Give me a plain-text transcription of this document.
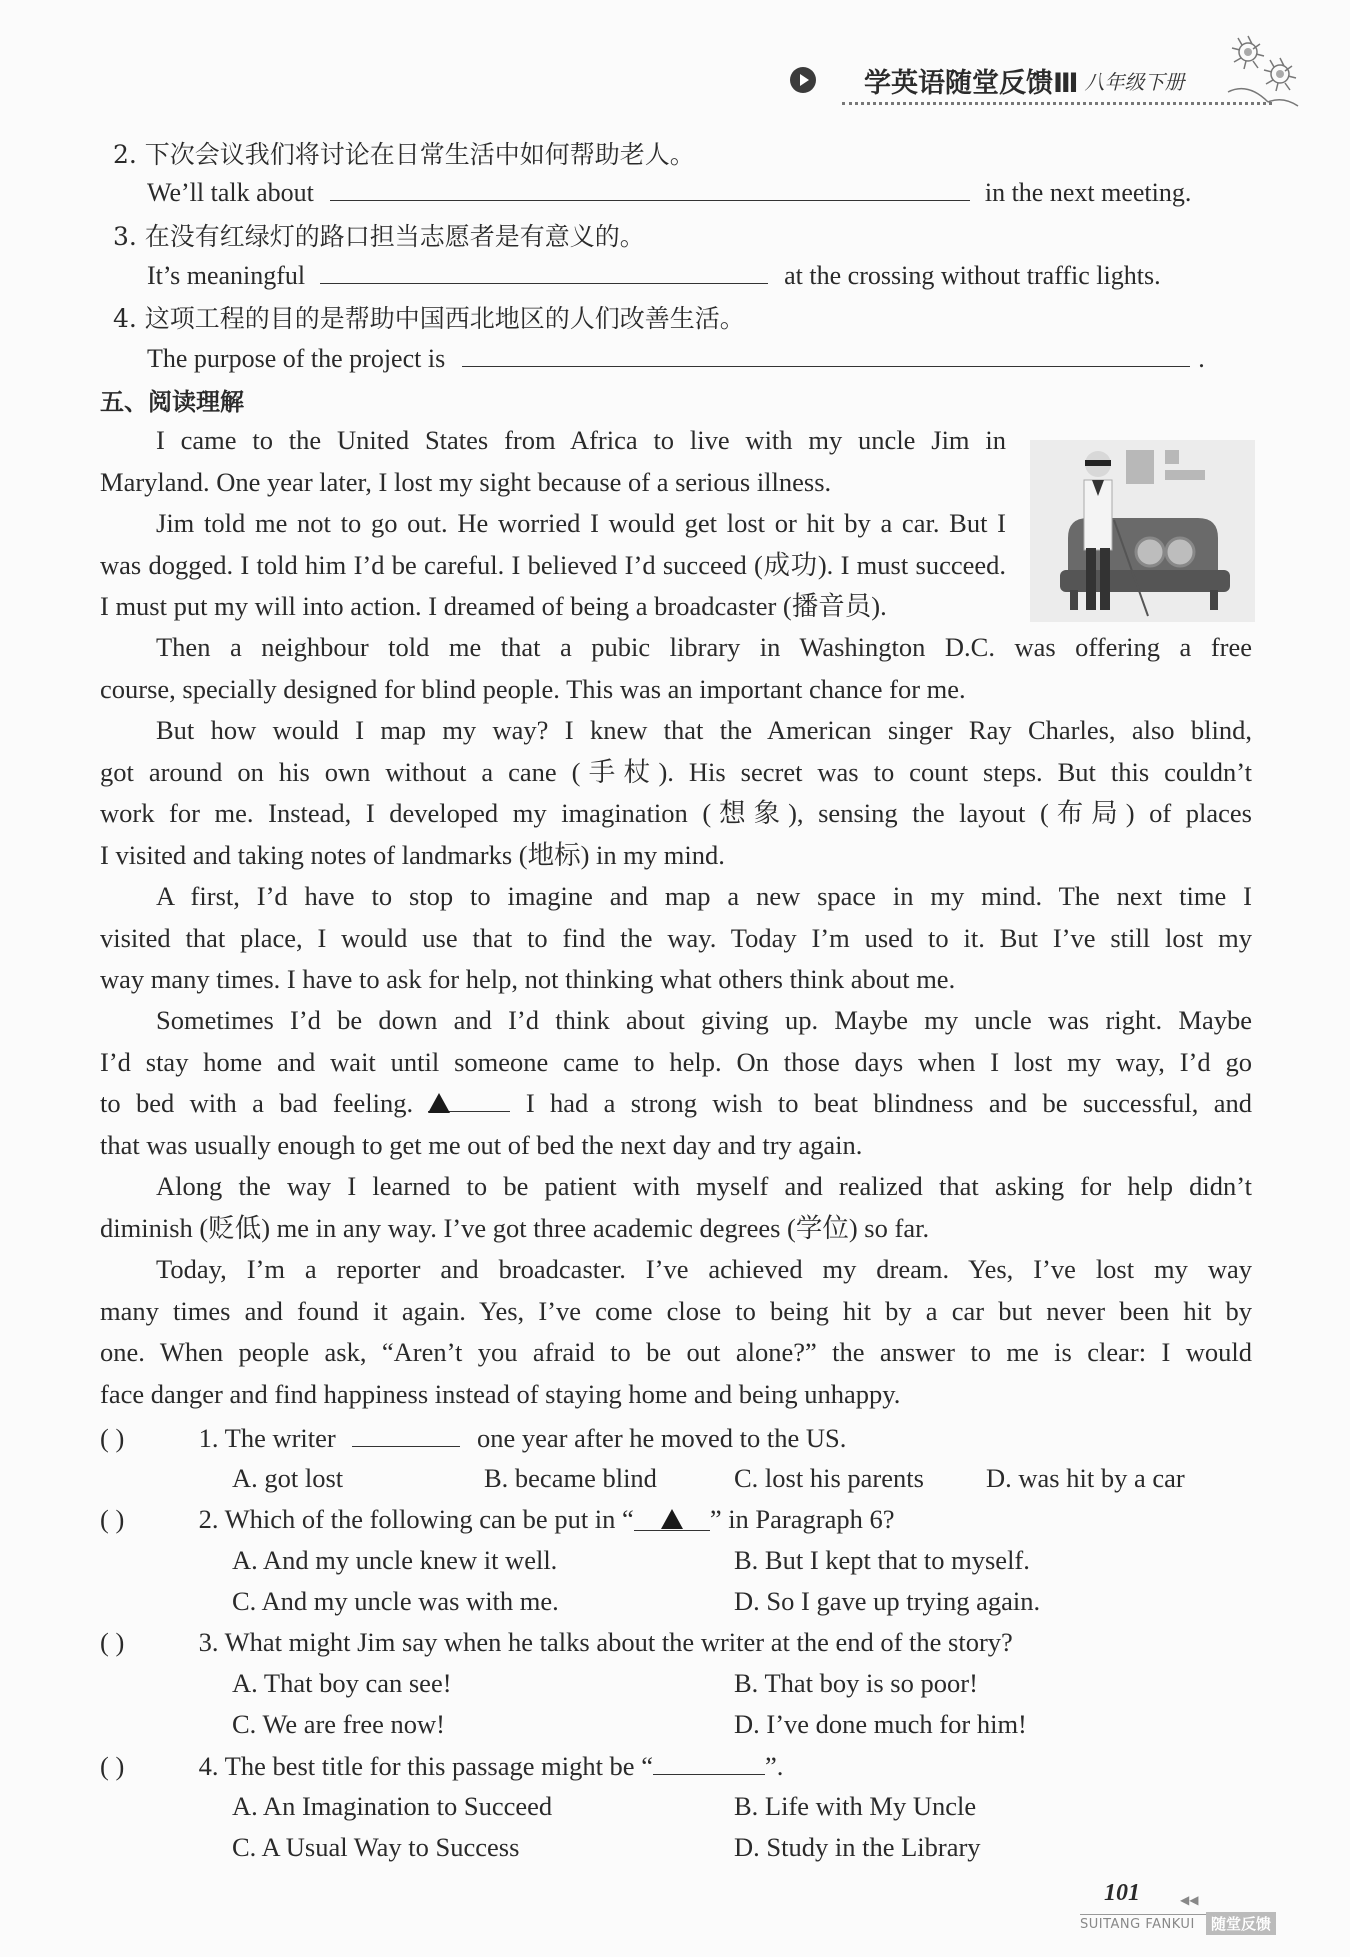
学英语随堂反馈Ⅲ 八年级下册
2. 下次会议我们将讨论在日常生活中如何帮助老人。
We’ll talk about	in the next meeting.
3. 在没有红绿灯的路口担当志愿者是有意义的。
It’s meaningful	at the crossing without traffic lights.
4. 这项工程的目的是帮助中国西北地区的人们改善生活。
The purpose of the project is	.
五、阅读理解
I came to the United States from Africa to live with my uncle Jim in
Maryland. One year later, I lost my sight because of a serious illness.
Jim told me not to go out. He worried I would get lost or hit by a car. But I
was dogged. I told him I’d be careful. I believed I’d succeed (成功). I must succeed.
I must put my will into action. I dreamed of being a broadcaster (播音员).
Then a neighbour told me that a pubic library in Washington D.C. was offering a free
course, specially designed for blind people. This was an important chance for me.
But how would I map my way? I knew that the American singer Ray Charles, also blind,
got around on his own without a cane (手杖). His secret was to count steps. But this couldn’t
work for me. Instead, I developed my imagination (想象), sensing the layout (布局) of places
I visited and taking notes of landmarks (地标) in my mind.
A first, I’d have to stop to imagine and map a new space in my mind. The next time I
visited that place, I would use that to find the way. Today I’m used to it. But I’ve still lost my
way many times. I have to ask for help, not thinking what others think about me.
Sometimes I’d be down and I’d think about giving up. Maybe my uncle was right. Maybe
I’d stay home and wait until someone came to help. On those days when I lost my way, I’d go
to bed with a bad feeling.	I had a strong wish to beat blindness and be successful, and
that was usually enough to get me out of bed the next day and try again.
Along the way I learned to be patient with myself and realized that asking for help didn’t
diminish (贬低) me in any way. I’ve got three academic degrees (学位) so far.
Today, I’m a reporter and broadcaster. I’ve achieved my dream. Yes, I’ve lost my way
many times and found it again. Yes, I’ve come close to being hit by a car but never been hit by
one. When people ask, “Aren’t you afraid to be out alone?” the answer to me is clear: I would
face danger and find happiness instead of staying home and being unhappy.
( )	1. The writer	one year after he moved to the US.
A. got lost	B. became blind	C. lost his parents D. was hit by a car
( )	2. Which of the following can be put in “	” in Paragraph 6?
A. And my uncle knew it well.	B. But I kept that to myself.
C. And my uncle was with me.	D. So I gave up trying again.
( )	3. What might Jim say when he talks about the writer at the end of the story?
A. That boy can see!	B. That boy is so poor!
C. We are free now!	D. I’ve done much for him!
( )	4. The best title for this passage might be “	”.
A. An Imagination to Succeed	B. Life with My Uncle
C. A Usual Way to Success	D. Study in the Library
101	◀◀
SUITANG FANKUI	随堂反馈
